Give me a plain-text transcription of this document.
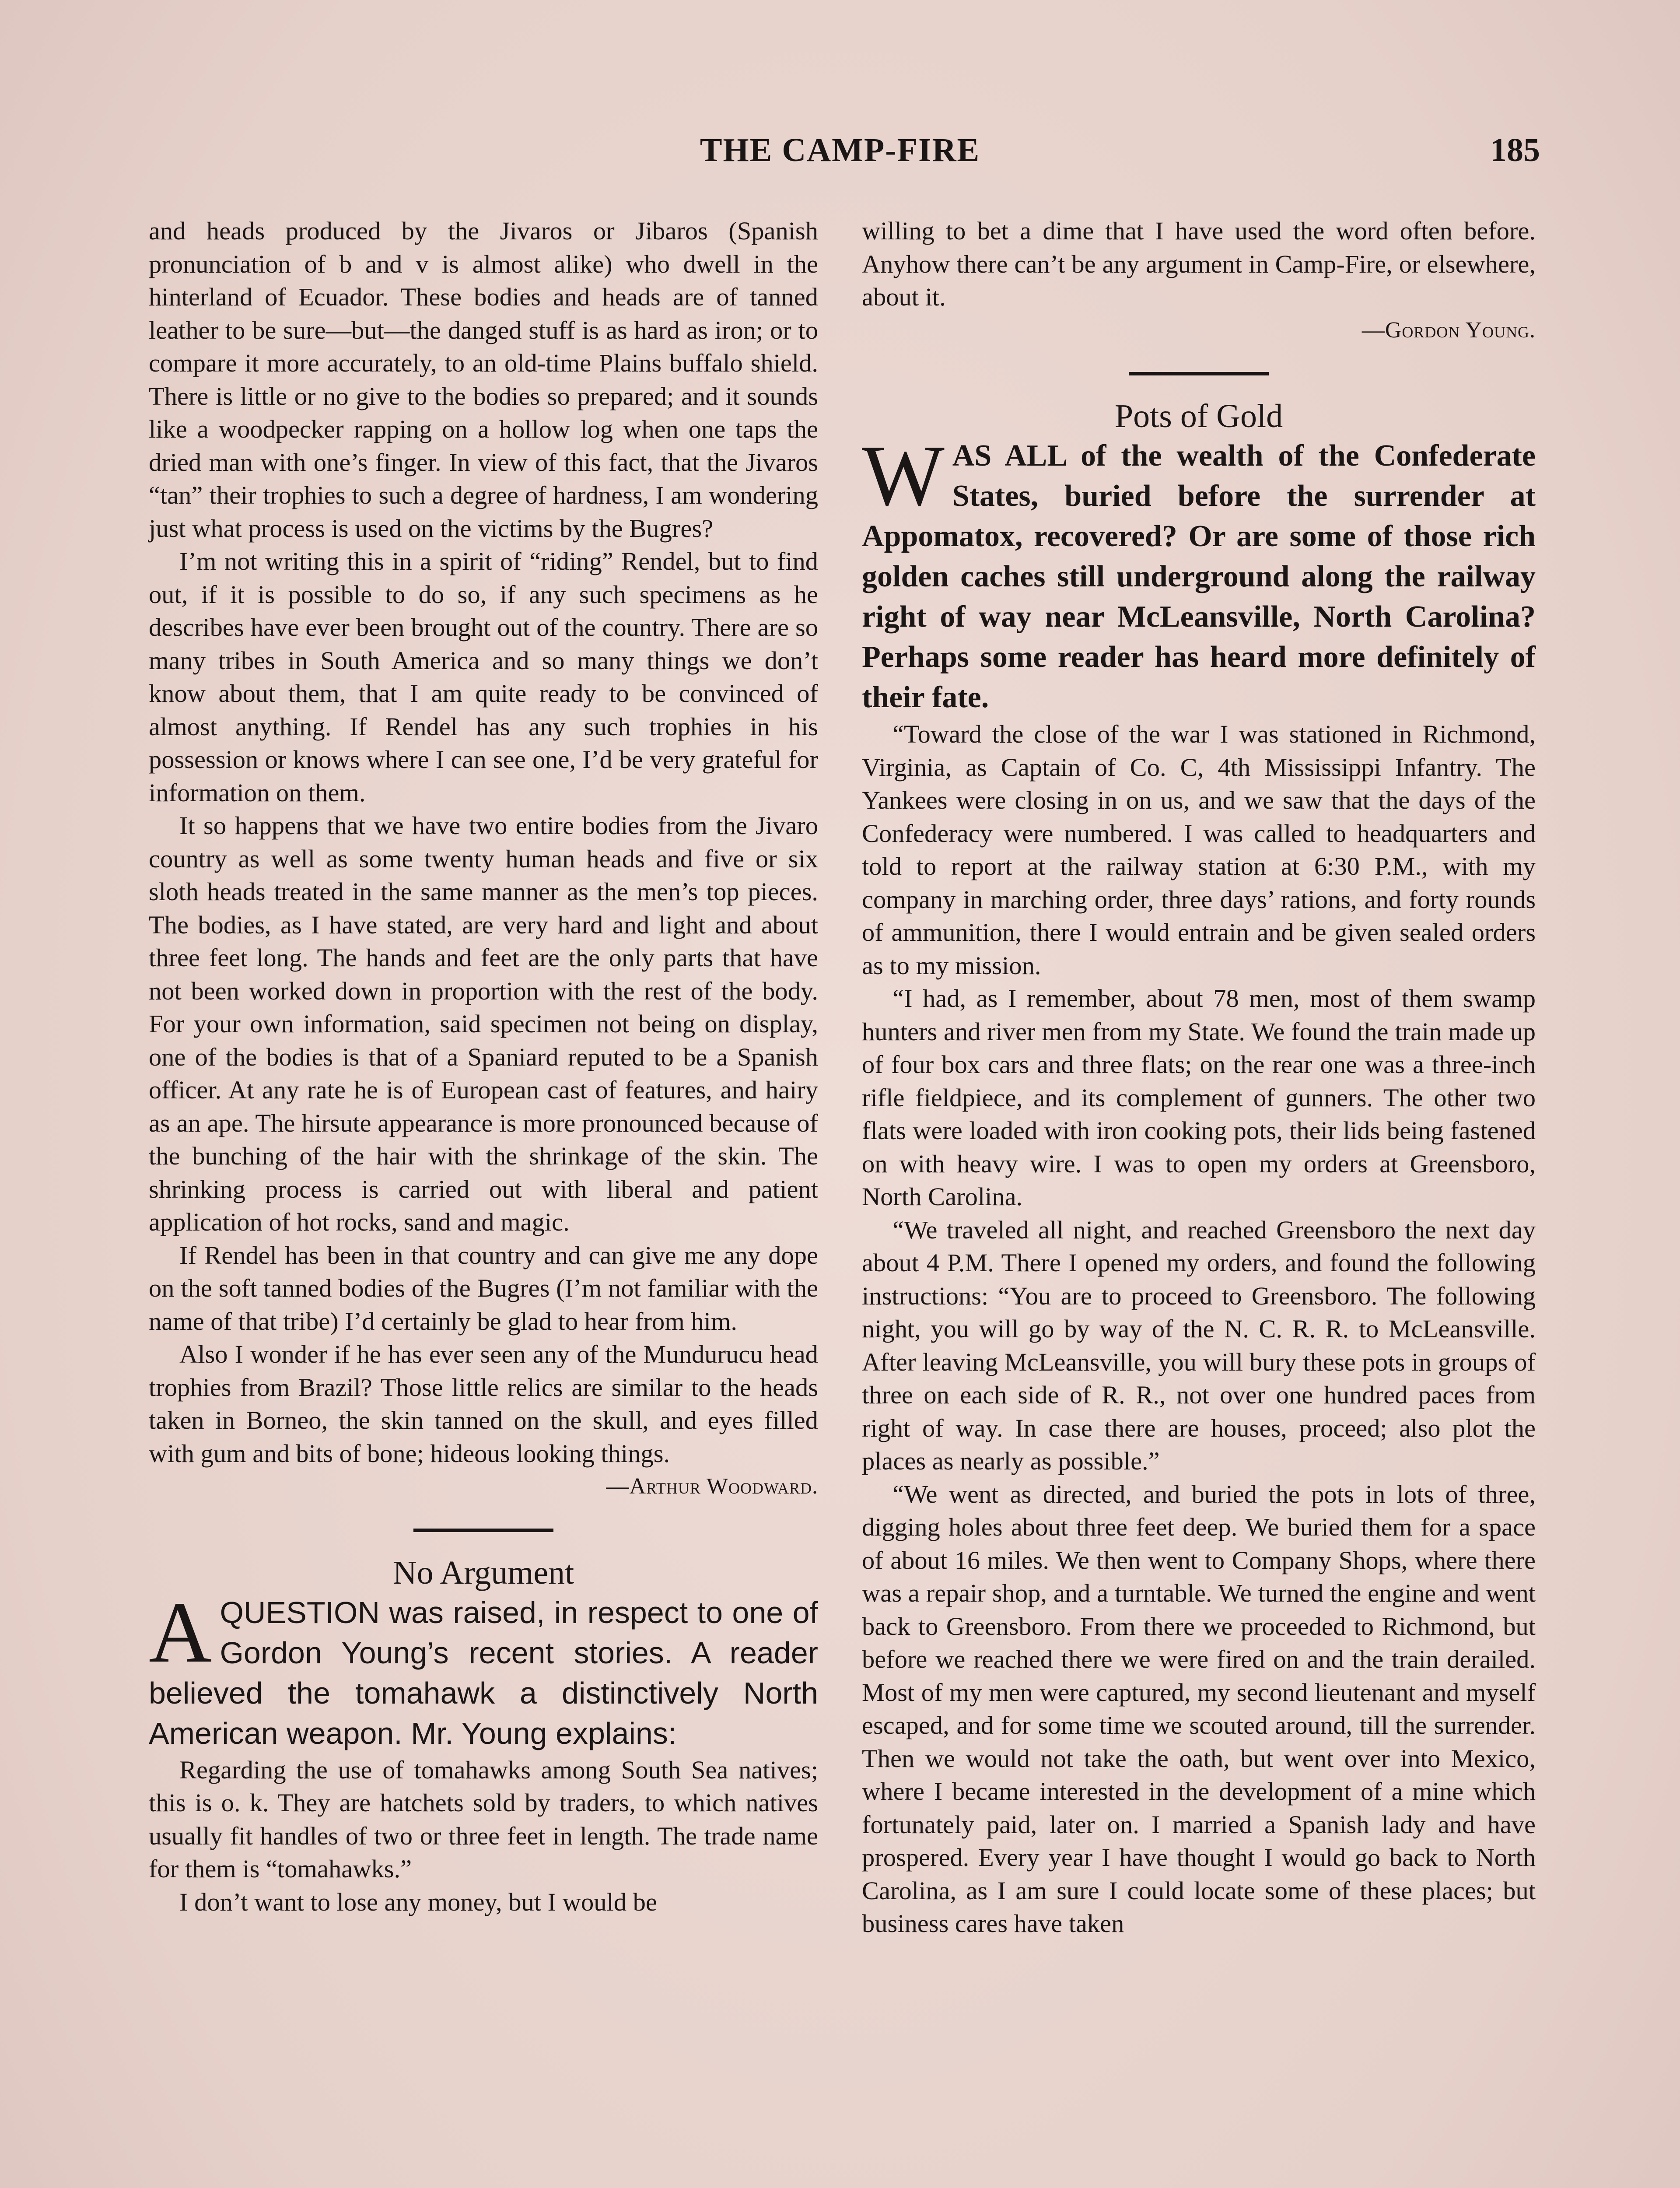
THE CAMP-FIRE	185

and heads produced by the Jivaros or Jibaros (Spanish pronunciation of b and v is almost alike) who dwell in the hinterland of Ecuador. These bodies and heads are of tanned leather to be sure—but—the danged stuff is as hard as iron; or to compare it more accurately, to an old-time Plains buffalo shield. There is little or no give to the bodies so prepared; and it sounds like a woodpecker rapping on a hollow log when one taps the dried man with one’s finger. In view of this fact, that the Jivaros “tan” their trophies to such a degree of hardness, I am wondering just what process is used on the victims by the Bugres?

I’m not writing this in a spirit of “riding” Rendel, but to find out, if it is possible to do so, if any such specimens as he describes have ever been brought out of the country. There are so many tribes in South America and so many things we don’t know about them, that I am quite ready to be convinced of almost anything. If Rendel has any such trophies in his possession or knows where I can see one, I’d be very grateful for information on them.

It so happens that we have two entire bodies from the Jivaro country as well as some twenty human heads and five or six sloth heads treated in the same manner as the men’s top pieces. The bodies, as I have stated, are very hard and light and about three feet long. The hands and feet are the only parts that have not been worked down in proportion with the rest of the body. For your own information, said specimen not being on display, one of the bodies is that of a Spaniard reputed to be a Spanish officer. At any rate he is of European cast of features, and hairy as an ape. The hirsute appearance is more pronounced because of the bunching of the hair with the shrinkage of the skin. The shrinking process is carried out with liberal and patient application of hot rocks, sand and magic.

If Rendel has been in that country and can give me any dope on the soft tanned bodies of the Bugres (I’m not familiar with the name of that tribe) I’d certainly be glad to hear from him.

Also I wonder if he has ever seen any of the Mundurucu head trophies from Brazil? Those little relics are similar to the heads taken in Borneo, the skin tanned on the skull, and eyes filled with gum and bits of bone; hideous looking things.

—Arthur Woodward.

No Argument

AQUESTION was raised, in respect to one of Gordon Young’s recent stories. A reader believed the tomahawk a distinctively North American weapon. Mr. Young explains:

Regarding the use of tomahawks among South Sea natives; this is o. k. They are hatchets sold by traders, to which natives usually fit handles of two or three feet in length. The trade name for them is “tomahawks.”

I don’t want to lose any money, but I would be

willing to bet a dime that I have used the word often before. Anyhow there can’t be any argument in Camp-Fire, or elsewhere, about it.

—Gordon Young.

Pots of Gold

WAS ALL of the wealth of the Confederate States, buried before the surrender at Appomatox, recovered? Or are some of those rich golden caches still underground along the railway right of way near McLeansville, North Carolina? Perhaps some reader has heard more definitely of their fate.

“Toward the close of the war I was stationed in Richmond, Virginia, as Captain of Co. C, 4th Mississippi Infantry. The Yankees were closing in on us, and we saw that the days of the Confederacy were numbered. I was called to headquarters and told to report at the railway station at 6:30 P.M., with my company in marching order, three days’ rations, and forty rounds of ammunition, there I would entrain and be given sealed orders as to my mission.

“I had, as I remember, about 78 men, most of them swamp hunters and river men from my State. We found the train made up of four box cars and three flats; on the rear one was a three-inch rifle fieldpiece, and its complement of gunners. The other two flats were loaded with iron cooking pots, their lids being fastened on with heavy wire. I was to open my orders at Greensboro, North Carolina.

“We traveled all night, and reached Greensboro the next day about 4 P.M. There I opened my orders, and found the following instructions: “You are to proceed to Greensboro. The following night, you will go by way of the N. C. R. R. to McLeansville. After leaving McLeansville, you will bury these pots in groups of three on each side of R. R., not over one hundred paces from right of way. In case there are houses, proceed; also plot the places as nearly as possible.”

“We went as directed, and buried the pots in lots of three, digging holes about three feet deep. We buried them for a space of about 16 miles. We then went to Company Shops, where there was a repair shop, and a turntable. We turned the engine and went back to Greensboro. From there we proceeded to Richmond, but before we reached there we were fired on and the train derailed. Most of my men were captured, my second lieutenant and myself escaped, and for some time we scouted around, till the surrender. Then we would not take the oath, but went over into Mexico, where I became interested in the development of a mine which fortunately paid, later on. I married a Spanish lady and have prospered. Every year I have thought I would go back to North Carolina, as I am sure I could locate some of these places; but business cares have taken
